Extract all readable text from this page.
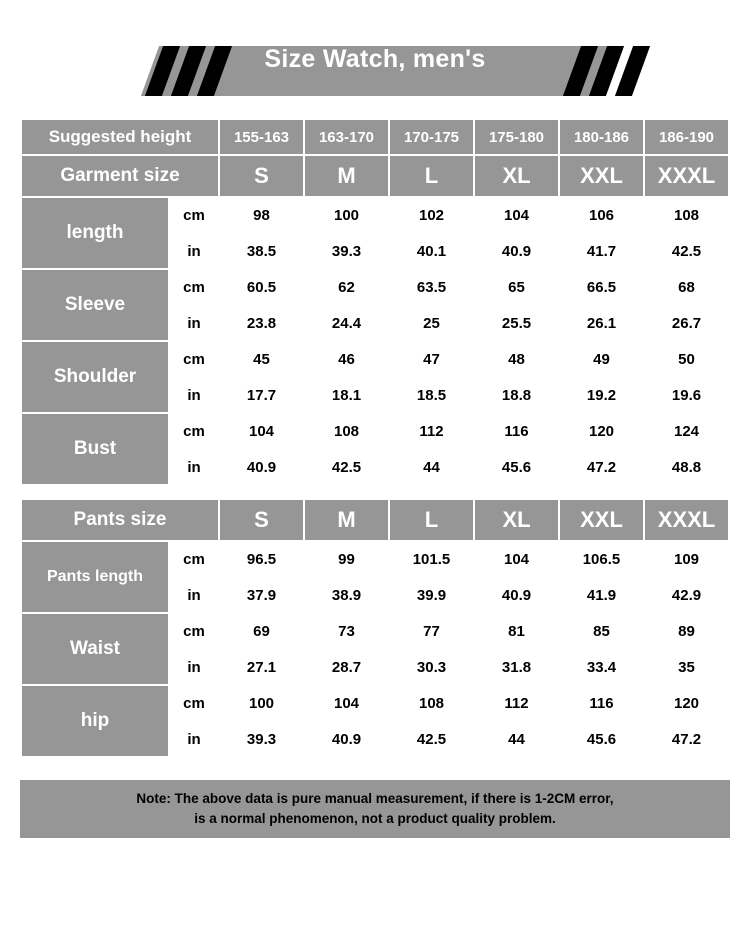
Size Watch, men's
Suggested height		155-163	163-170	170-175	175-180	180-186	186-190
Garment size		S	M	L	XL	XXL	XXXL
length	cm	98	100	102	104	106	108
	in	38.5	39.3	40.1	40.9	41.7	42.5
Sleeve	cm	60.5	62	63.5	65	66.5	68
	in	23.8	24.4	25	25.5	26.1	26.7
Shoulder	cm	45	46	47	48	49	50
	in	17.7	18.1	18.5	18.8	19.2	19.6
Bust	cm	104	108	112	116	120	124
	in	40.9	42.5	44	45.6	47.2	48.8
Pants size		S	M	L	XL	XXL	XXXL
Pants length	cm	96.5	99	101.5	104	106.5	109
	in	37.9	38.9	39.9	40.9	41.9	42.9
Waist	cm	69	73	77	81	85	89
	in	27.1	28.7	30.3	31.8	33.4	35
hip	cm	100	104	108	112	116	120
	in	39.3	40.9	42.5	44	45.6	47.2
Note: The above data is pure manual measurement, if there is 1-2CM error,
is a normal phenomenon, not a product quality problem.
